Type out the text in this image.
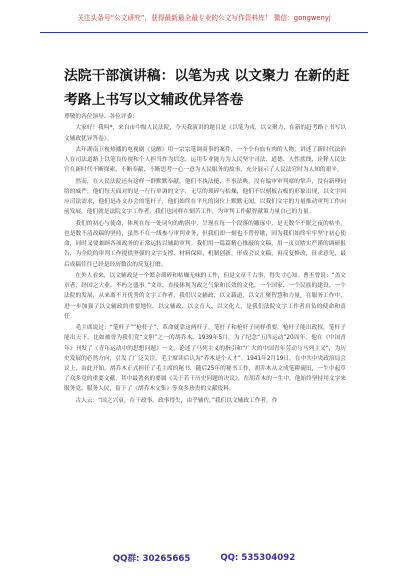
关注头条号“公文研究”，获得最新最全最专业的公文写作资料库！ 微信：gongwenyj
法院干部演讲稿：以笔为戎 以文聚力 在新的赶考路上书写以文辅政优异答卷

尊敬的各位领导、各位评委：

大家好！我叫*，来自市中级人民法院，今天我演讲的题目是《以笔为戎，以文聚力，在新的赶考路上书写以文辅政优异答卷》。

去年湖南卫视热播的电视剧《觉醒》用一宗宗笔调商事的案件，一个个有血有肉的人物，讲述了新时代法治人在司法道路上以笔良传视和个人担当作为信念，运用专业能力为人民坚守司法、道德、人性底线，诠释人民法官在新时代不断探索、不断奉献、不断思考一心一意为人民服务的故事，充分展示了人民法官时为人知的艰辛。

然而，在人民法院还有这样一群默默奉献，他们不执法槌、不事法典，没有编审审判席的掌声，没有新理词络的威严，他们每天面对的是一行行单调的文字，无尽的琐碎与枯燥，他们不以刻板古板的形象出现，以文字回应司法需求，他们是办文办会的笔杆子，他们始终在平凡的岗位上默默无闻，以我们文字的力量推动审判工作向前发展，他们就是法院文字工作者，我们也同样在刻苦工作，为审判工作献智献策力量自己的力量。

我们的初心与使命，体现在每一处词句的酌斟中，呈现在每一个段落的雕琢中，是无数个不眠之夜的枯坐，也是数不清改稿的坚持，虽然不在一线参与审判业务，但我们却一刻也不曾停歇，因为我们始终牢牢坚守初心使命，同时又要兼顾各项政务的正常运转以辅助审判。我们用一篇篇精心推敲的文稿，用一页页踏实严谨的调研报告，为全院的审判工作提供坚强的文字支撑、材料保障、机制创新，形成会议文稿，再反复修改，征求意见，最后成稿往往已经是经历数次的反复打磨。

在外人看来，以文辅政是一个繁杂琐碎和枯燥无味的工作，但是文章千古事，得失寸心知。曹丕曾说：“盖文章者，经国之大业，不朽之盛事。”文章，直接体现为政之气象和长效的文化。一个国家、一个民族的建设、一个法院的发展，从来离不开优秀的文字工作者，我们以文辅政、以文载道，以文汇聚智慧和力量，在服务工作中，进一步加强了以文辅政的重要地位，以文辅政、以文育人、以文化人，是我们法院文字工作者肩负的使命和责任。

毛主席说过：“笔杆子”“枪杆子”，革命就靠这两杆子。笔杆子和枪杆子同样重要。枪杆子能出政权，笔杆子能出天下。比如被誉为我们党“文胆”之一的胡乔木，1939年5月，为了纪念“五四运动”20周年，他在《中国青年》刊发了《青年运动中的思想问题》一文，论述了马列主义的指引和“广大的中国青年劳动与马列主义”，为历史发展的必然方向，引发了广泛关注。毛主席读后认为“乔木是个人才”。1941年2月19日，在中共中央政治局会议上，由此开始，胡乔木正式担任了毛主席的秘书，随后25年的秘书工作，胡乔木从文成笔耕砚田，一生中起草了众多党的重要文献，其中最著名的要属《关于若干历史问题的决议》。在胡乔木的一生中，他始终坚持用文字来服务党、服务人民，留下了《胡乔木文集》等众多珍贵的文献资料。

古人云：“国之兴衰，在于政事，政事得失，由乎辅佐。”我们以文辅政工作者，作

QQ群: 30265665	QQ: 535304092
